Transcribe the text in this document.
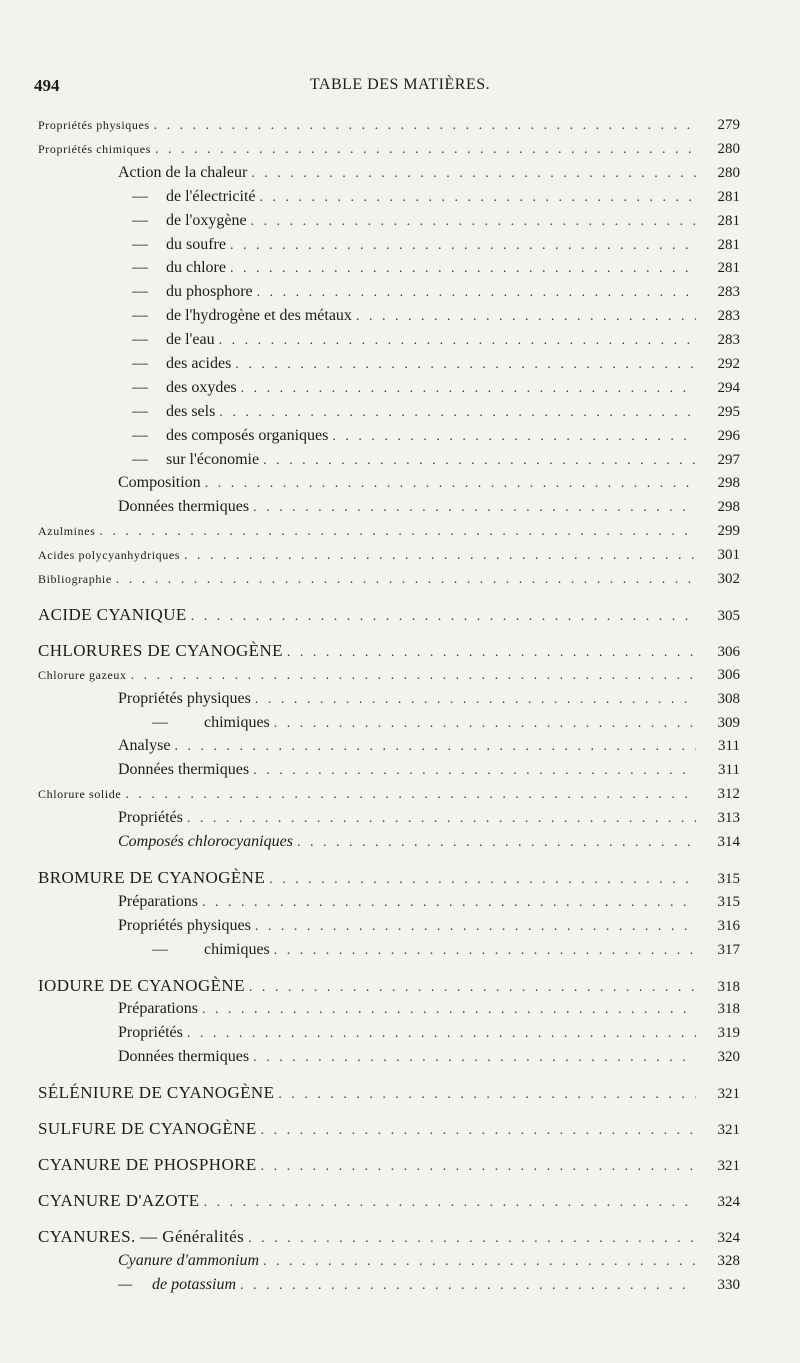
494	TABLE DES MATIÈRES.
Propriétés physiques . . .	279
Propriétés chimiques . . .	280
Action de la chaleur . . .	280
— de l'électricité . . .	281
— de l'oxygène . . .	281
— du soufre . . .	281
— du chlore . . .	281
— du phosphore . . .	283
— de l'hydrogène et des métaux . . .	283
— de l'eau . . .	283
— des acides . . .	292
— des oxydes . . .	294
— des sels . . .	295
— des composés organiques . . .	296
— sur l'économie . . .	297
Composition . . .	298
Données thermiques . . .	298
Azulmines . . .	299
Acides polycyanhydriques . . .	301
Bibliographie . . .	302
ACIDE CYANIQUE . . .	305
CHLORURES DE CYANOGÈNE . . .	306
Chlorure gazeux . . .	306
Propriétés physiques . . .	308
— chimiques . . .	309
Analyse . . .	311
Données thermiques . . .	311
Chlorure solide . . .	312
Propriétés . . .	313
Composés chlorocyaniques . . .	314
BROMURE DE CYANOGÈNE . . .	315
Préparations . . .	315
Propriétés physiques . . .	316
— chimiques . . .	317
IODURE DE CYANOGÈNE . . .	318
Préparations . . .	318
Propriétés . . .	319
Données thermiques . . .	320
SÉLÉNIURE DE CYANOGÈNE . . .	321
SULFURE DE CYANOGÈNE . . .	321
CYANURE DE PHOSPHORE . . .	321
CYANURE D'AZOTE . . .	324
CYANURES. — Généralités . . .	324
Cyanure d'ammonium . . .	328
— de potassium . . .	330
